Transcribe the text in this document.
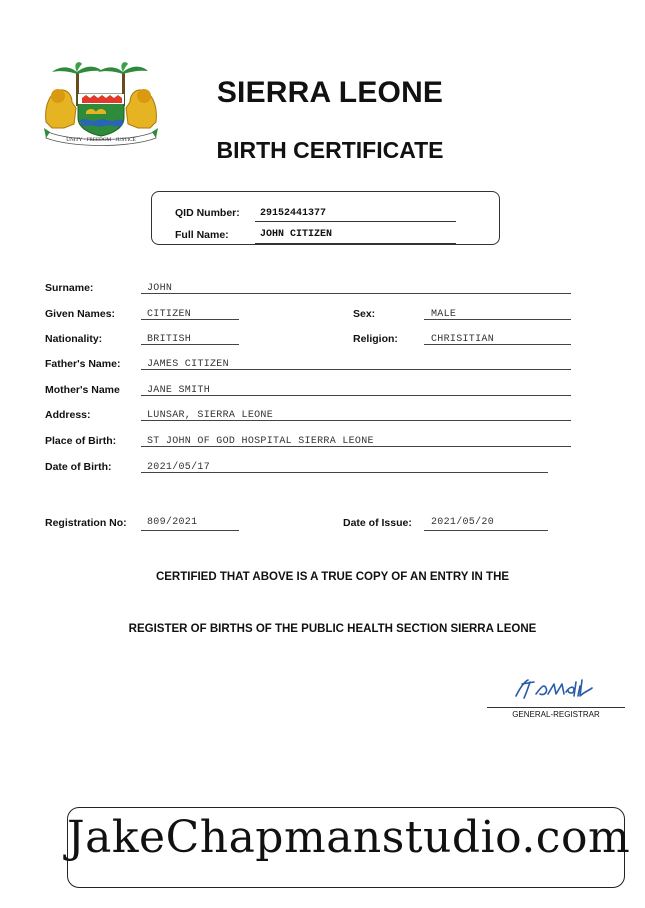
UNITY · FREEDOM · JUSTICE
SIERRA LEONE
BIRTH CERTIFICATE
QID Number: 29152441377
Full Name:	JOHN CITIZEN
Surname:	JOHN
Given Names:	CITIZEN	Sex:	MALE
Nationality:	BRITISH	Religion:	CHRISITIAN
Father's Name:	JAMES CITIZEN
Mother's Name	JANE SMITH
Address:	LUNSAR, SIERRA LEONE
Place of Birth:	ST JOHN OF GOD HOSPITAL SIERRA LEONE
Date of Birth:	2021/05/17
Registration No: 809/2021	Date of Issue: 2021/05/20
CERTIFIED THAT ABOVE IS A TRUE COPY OF AN ENTRY IN THE
REGISTER OF BIRTHS OF THE PUBLIC HEALTH SECTION SIERRA LEONE
GENERAL-REGISTRAR
JakeChapmanstudio.com
